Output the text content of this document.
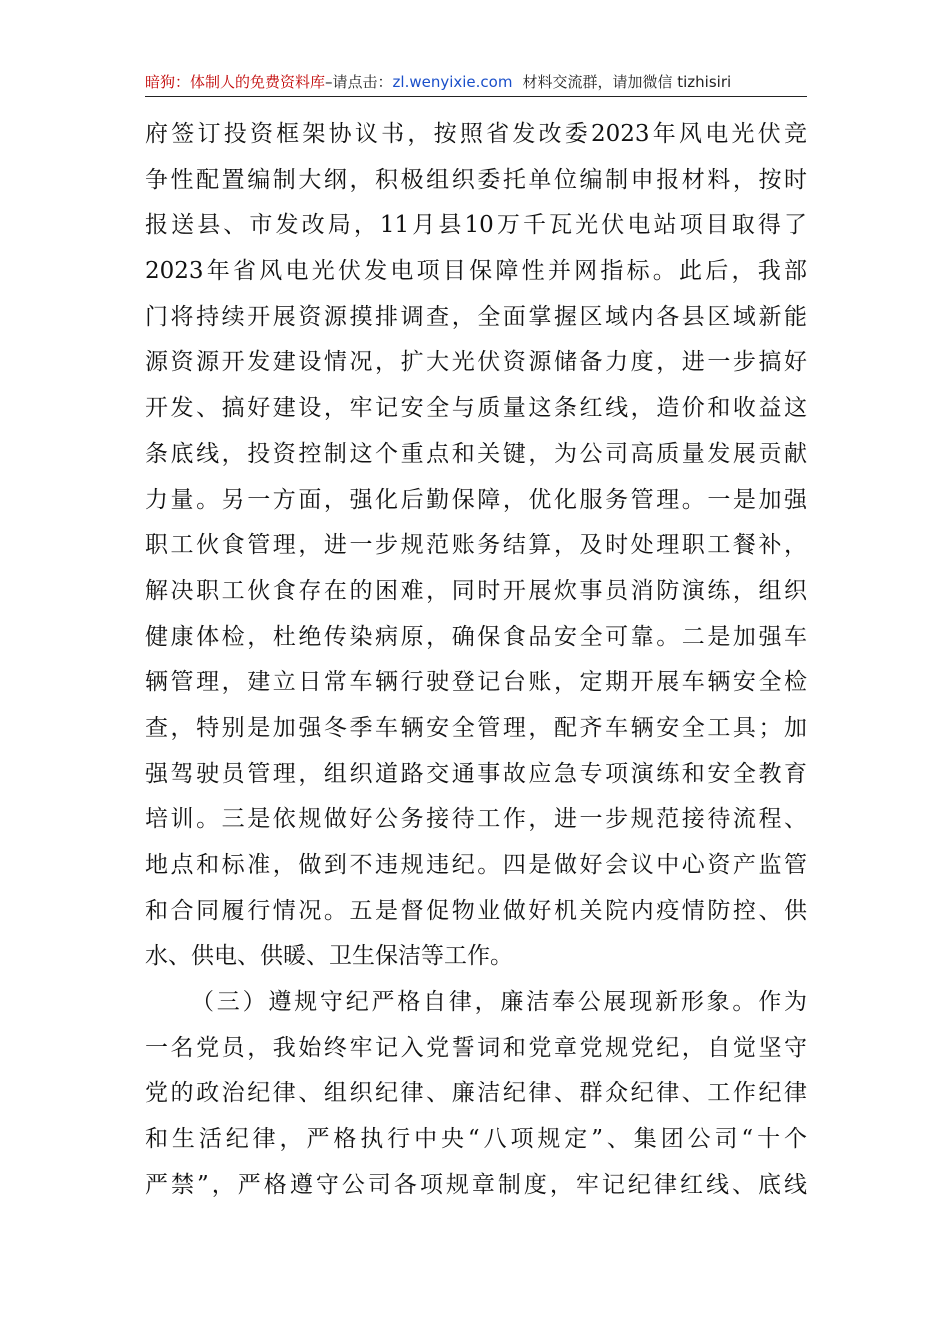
暗狗：体制人的免费资料库–请点击：zl.wenyixie.com 材料交流群，请加微信 tizhisiri
府签订投资框架协议书，按照省发改委2023年风电光伏竞
争性配置编制大纲，积极组织委托单位编制申报材料，按时
报送县、市发改局，11月县10万千瓦光伏电站项目取得了
2023年省风电光伏发电项目保障性并网指标。此后，我部
门将持续开展资源摸排调查，全面掌握区域内各县区域新能
源资源开发建设情况，扩大光伏资源储备力度，进一步搞好
开发、搞好建设，牢记安全与质量这条红线，造价和收益这
条底线，投资控制这个重点和关键，为公司高质量发展贡献
力量。另一方面，强化后勤保障，优化服务管理。一是加强
职工伙食管理，进一步规范账务结算，及时处理职工餐补，
解决职工伙食存在的困难，同时开展炊事员消防演练，组织
健康体检，杜绝传染病原，确保食品安全可靠。二是加强车
辆管理，建立日常车辆行驶登记台账，定期开展车辆安全检
查，特别是加强冬季车辆安全管理，配齐车辆安全工具；加
强驾驶员管理，组织道路交通事故应急专项演练和安全教育
培训。三是依规做好公务接待工作，进一步规范接待流程、
地点和标准，做到不违规违纪。四是做好会议中心资产监管
和合同履行情况。五是督促物业做好机关院内疫情防控、供
水、供电、供暖、卫生保洁等工作。
（三）遵规守纪严格自律，廉洁奉公展现新形象。作为
一名党员，我始终牢记入党誓词和党章党规党纪，自觉坚守
党的政治纪律、组织纪律、廉洁纪律、群众纪律、工作纪律
和生活纪律，严格执行中央“八项规定”、集团公司“十个
严禁”，严格遵守公司各项规章制度，牢记纪律红线、底线
